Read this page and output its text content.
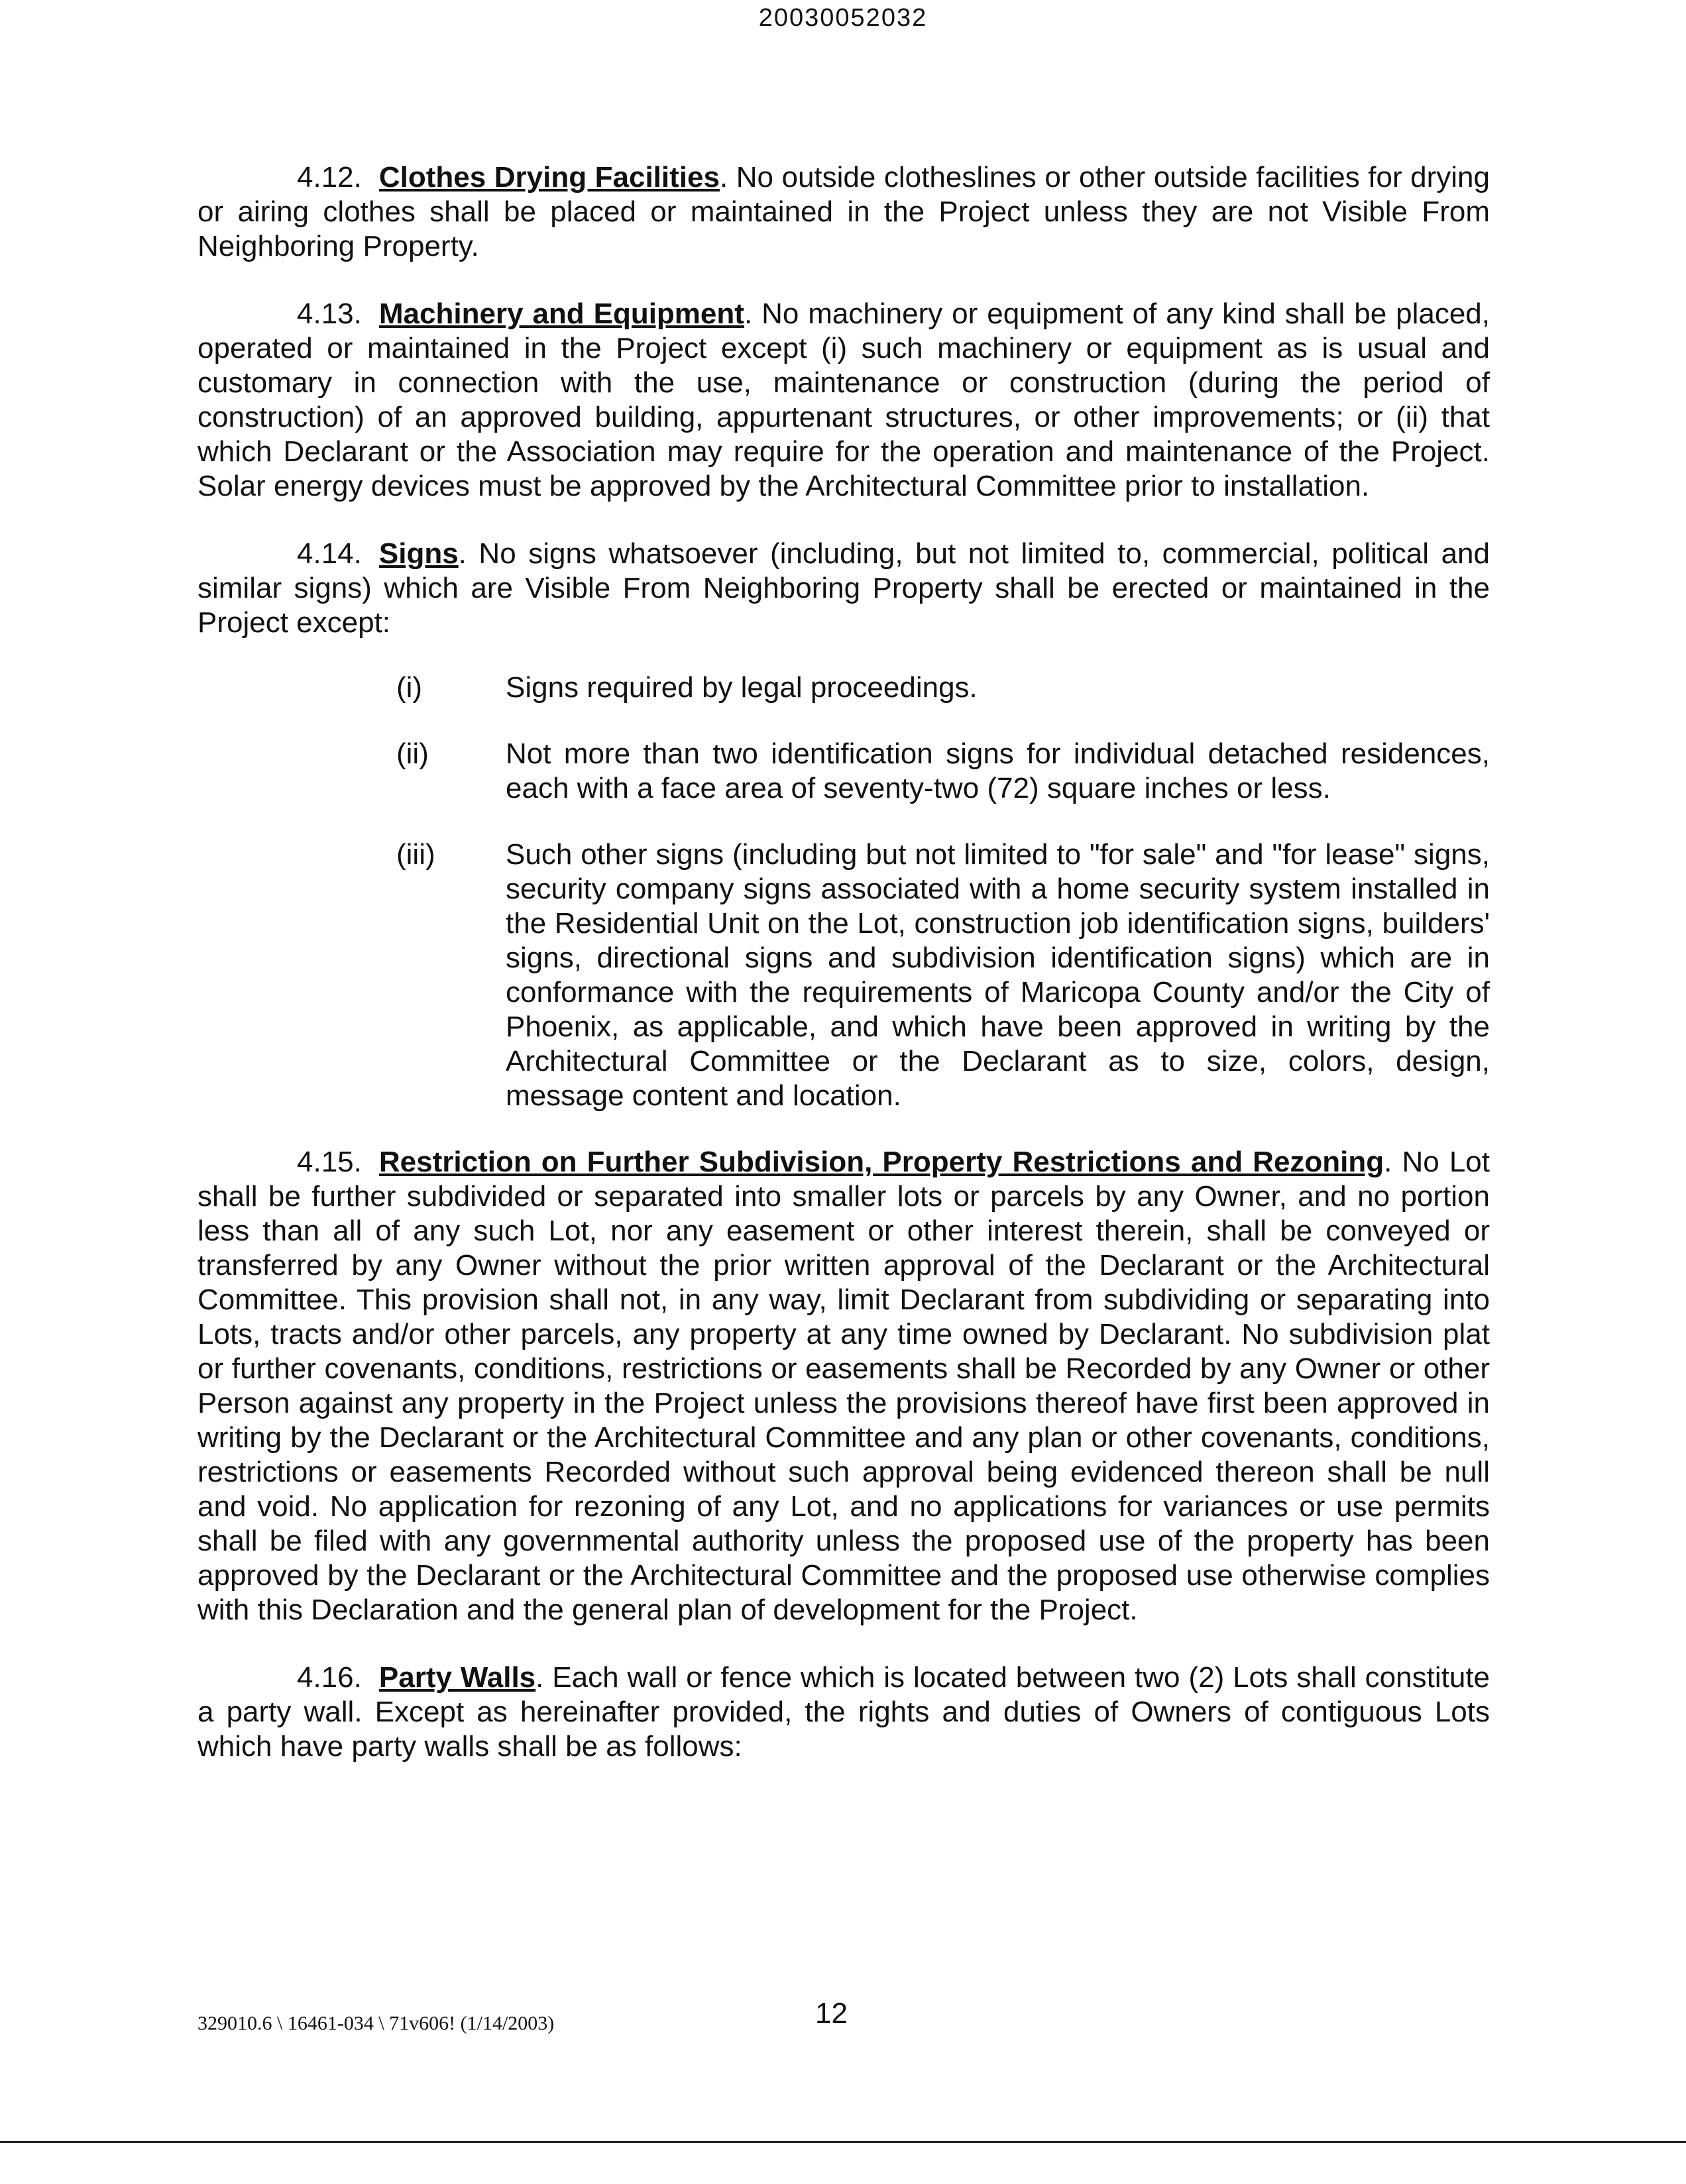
20030052032

4.12. Clothes Drying Facilities. No outside clotheslines or other outside facilities for drying or airing clothes shall be placed or maintained in the Project unless they are not Visible From Neighboring Property.

4.13. Machinery and Equipment. No machinery or equipment of any kind shall be placed, operated or maintained in the Project except (i) such machinery or equipment as is usual and customary in connection with the use, maintenance or construction (during the period of construction) of an approved building, appurtenant structures, or other improvements; or (ii) that which Declarant or the Association may require for the operation and maintenance of the Project. Solar energy devices must be approved by the Architectural Committee prior to installation.

4.14. Signs. No signs whatsoever (including, but not limited to, commercial, political and similar signs) which are Visible From Neighboring Property shall be erected or maintained in the Project except:

(i)	Signs required by legal proceedings.
(ii)	Not more than two identification signs for individual detached residences, each with a face area of seventy-two (72) square inches or less.
(iii)	Such other signs (including but not limited to "for sale" and "for lease" signs, security company signs associated with a home security system installed in the Residential Unit on the Lot, construction job identification signs, builders' signs, directional signs and subdivision identification signs) which are in conformance with the requirements of Maricopa County and/or the City of Phoenix, as applicable, and which have been approved in writing by the Architectural Committee or the Declarant as to size, colors, design, message content and location.

4.15. Restriction on Further Subdivision, Property Restrictions and Rezoning. No Lot shall be further subdivided or separated into smaller lots or parcels by any Owner, and no portion less than all of any such Lot, nor any easement or other interest therein, shall be conveyed or transferred by any Owner without the prior written approval of the Declarant or the Architectural Committee. This provision shall not, in any way, limit Declarant from subdividing or separating into Lots, tracts and/or other parcels, any property at any time owned by Declarant. No subdivision plat or further covenants, conditions, restrictions or easements shall be Recorded by any Owner or other Person against any property in the Project unless the provisions thereof have first been approved in writing by the Declarant or the Architectural Committee and any plan or other covenants, conditions, restrictions or easements Recorded without such approval being evidenced thereon shall be null and void. No application for rezoning of any Lot, and no applications for variances or use permits shall be filed with any governmental authority unless the proposed use of the property has been approved by the Declarant or the Architectural Committee and the proposed use otherwise complies with this Declaration and the general plan of development for the Project.

4.16. Party Walls. Each wall or fence which is located between two (2) Lots shall constitute a party wall. Except as hereinafter provided, the rights and duties of Owners of contiguous Lots which have party walls shall be as follows:

329010.6 \ 16461-034 \ 71v606! (1/14/2003)	12
